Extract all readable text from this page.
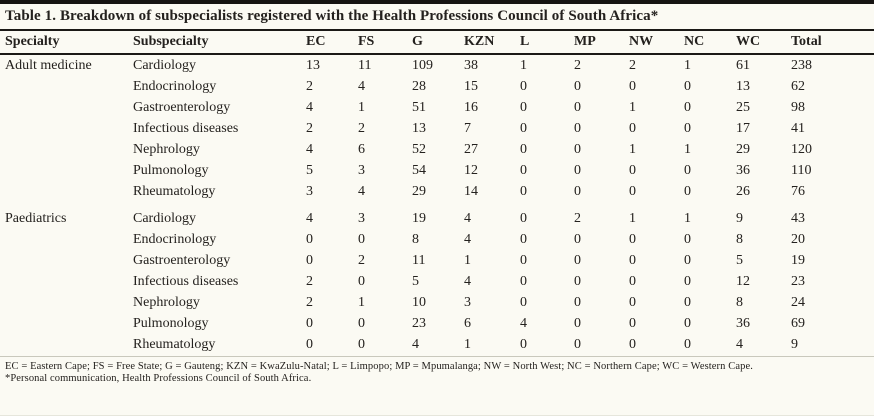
Table 1. Breakdown of subspecialists registered with the Health Professions Council of South Africa*
Specialty	Subspecialty	EC	FS	G	KZN	L	MP	NW	NC	WC	Total
Adult medicine	Cardiology	13	11	109	38	1	2	2	1	61	238
	Endocrinology	2	4	28	15	0	0	0	0	13	62
	Gastroenterology	4	1	51	16	0	0	1	0	25	98
	Infectious diseases	2	2	13	7	0	0	0	0	17	41
	Nephrology	4	6	52	27	0	0	1	1	29	120
	Pulmonology	5	3	54	12	0	0	0	0	36	110
	Rheumatology	3	4	29	14	0	0	0	0	26	76
Paediatrics	Cardiology	4	3	19	4	0	2	1	1	9	43
	Endocrinology	0	0	8	4	0	0	0	0	8	20
	Gastroenterology	0	2	11	1	0	0	0	0	5	19
	Infectious diseases	2	0	5	4	0	0	0	0	12	23
	Nephrology	2	1	10	3	0	0	0	0	8	24
	Pulmonology	0	0	23	6	4	0	0	0	36	69
	Rheumatology	0	0	4	1	0	0	0	0	4	9
EC = Eastern Cape; FS = Free State; G = Gauteng; KZN = KwaZulu-Natal; L = Limpopo; MP = Mpumalanga; NW = North West; NC = Northern Cape; WC = Western Cape.
*Personal communication, Health Professions Council of South Africa.
